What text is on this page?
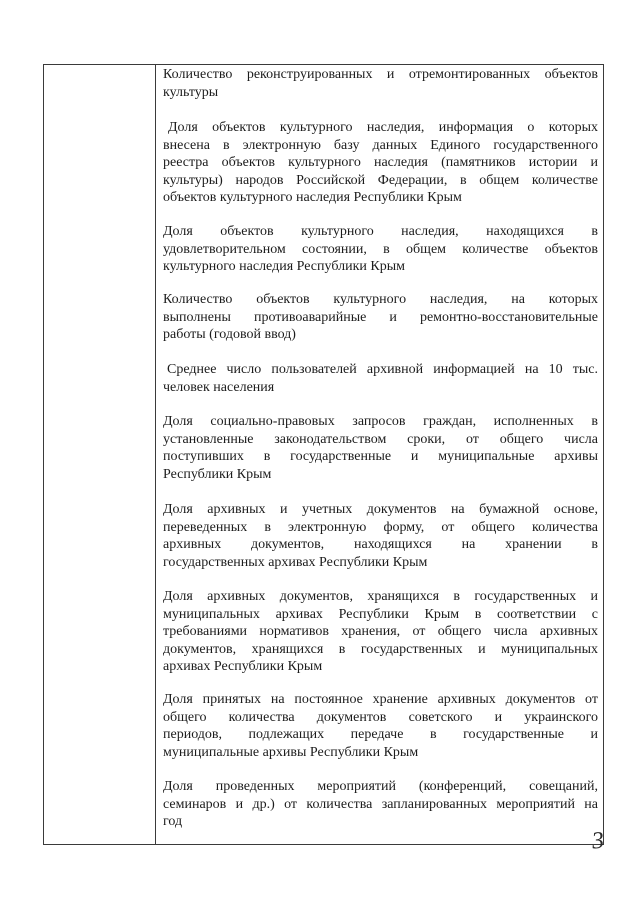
Количество реконструированных и отремонтированных объектов
культуры
Доля объектов культурного наследия, информация о которых
внесена в электронную базу данных Единого государственного
реестра объектов культурного наследия (памятников истории и
культуры) народов Российской Федерации, в общем количестве
объектов культурного наследия Республики Крым
Доля объектов культурного наследия, находящихся в
удовлетворительном состоянии, в общем количестве объектов
культурного наследия Республики Крым
Количество объектов культурного наследия, на которых
выполнены противоаварийные и ремонтно-восстановительные
работы (годовой ввод)
Среднее число пользователей архивной информацией на 10 тыс.
человек населения
Доля социально-правовых запросов граждан, исполненных в
установленные законодательством сроки, от общего числа
поступивших в государственные и муниципальные архивы
Республики Крым
Доля архивных и учетных документов на бумажной основе,
переведенных в электронную форму, от общего количества
архивных документов, находящихся на хранении в
государственных архивах Республики Крым
Доля архивных документов, хранящихся в государственных и
муниципальных архивах Республики Крым в соответствии с
требованиями нормативов хранения, от общего числа архивных
документов, хранящихся в государственных и муниципальных
архивах Республики Крым
Доля принятых на постоянное хранение архивных документов от
общего количества документов советского и украинского
периодов, подлежащих передаче в государственные и
муниципальные архивы Республики Крым
Доля проведенных мероприятий (конференций, совещаний,
семинаров и др.) от количества запланированных мероприятий на
год
3
